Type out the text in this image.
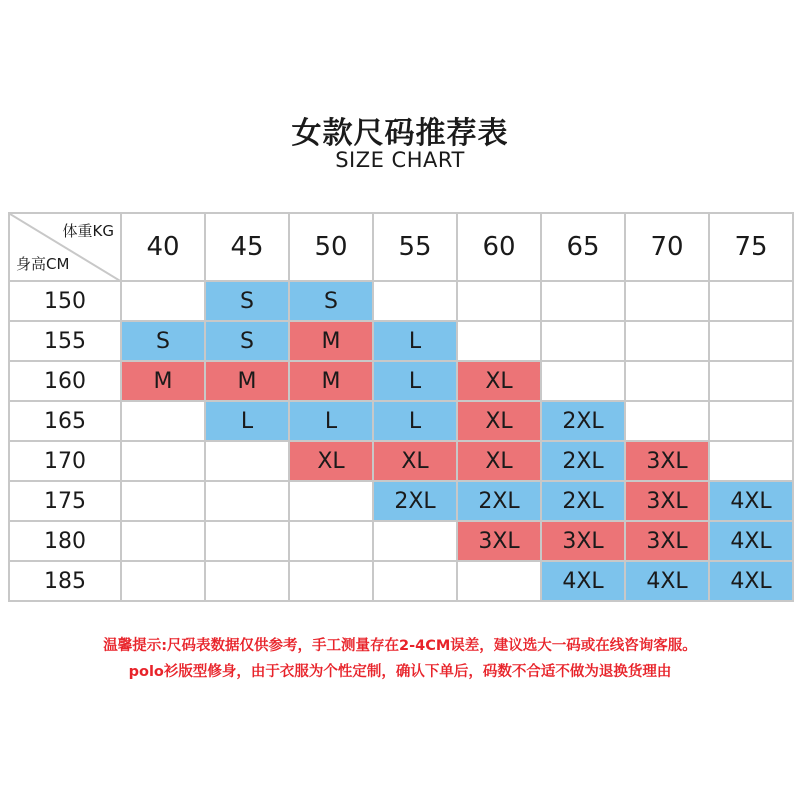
女款尺码推荐表
SIZE CHART
体重KG
身高CM	40	45	50	55	60	65	70	75
150		S	S					
155	S	S	M	L				
160	M	M	M	L	XL			
165		L	L	L	XL	2XL		
170			XL	XL	XL	2XL	3XL	
175				2XL	2XL	2XL	3XL	4XL
180					3XL	3XL	3XL	4XL
185						4XL	4XL	4XL
温馨提示:尺码表数据仅供参考，手工测量存在2-4CM误差，建议选大一码或在线咨询客服。
polo衫版型修身，由于衣服为个性定制，确认下单后，码数不合适不做为退换货理由
